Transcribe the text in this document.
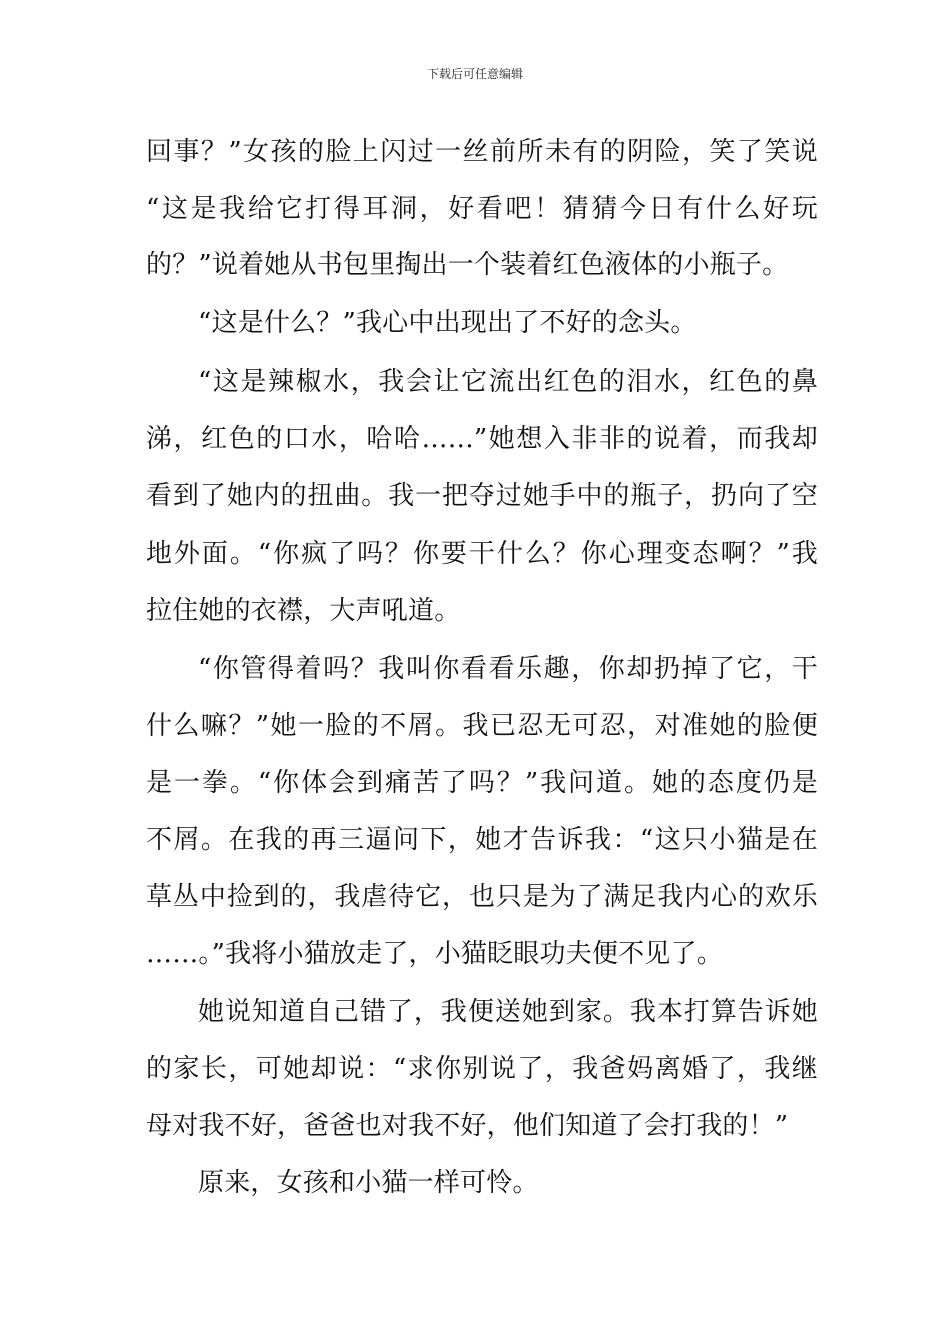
下载后可任意编辑
回事？”女孩的脸上闪过一丝前所未有的阴险，笑了笑说
“这是我给它打得耳洞，好看吧！猜猜今日有什么好玩
的？”说着她从书包里掏出一个装着红色液体的小瓶子。
“这是什么？”我心中出现出了不好的念头。
“这是辣椒水，我会让它流出红色的泪水，红色的鼻
涕，红色的口水，哈哈……”她想入非非的说着，而我却
看到了她内的扭曲。我一把夺过她手中的瓶子，扔向了空
地外面。“你疯了吗？你要干什么？你心理变态啊？”我
拉住她的衣襟，大声吼道。
“你管得着吗？我叫你看看乐趣，你却扔掉了它，干
什么嘛？”她一脸的不屑。我已忍无可忍，对准她的脸便
是一拳。“你体会到痛苦了吗？”我问道。她的态度仍是
不屑。在我的再三逼问下，她才告诉我：“这只小猫是在
草丛中捡到的，我虐待它，也只是为了满足我内心的欢乐
……。”我将小猫放走了，小猫眨眼功夫便不见了。
她说知道自己错了，我便送她到家。我本打算告诉她
的家长，可她却说：“求你别说了，我爸妈离婚了，我继
母对我不好，爸爸也对我不好，他们知道了会打我的！”
原来，女孩和小猫一样可怜。
